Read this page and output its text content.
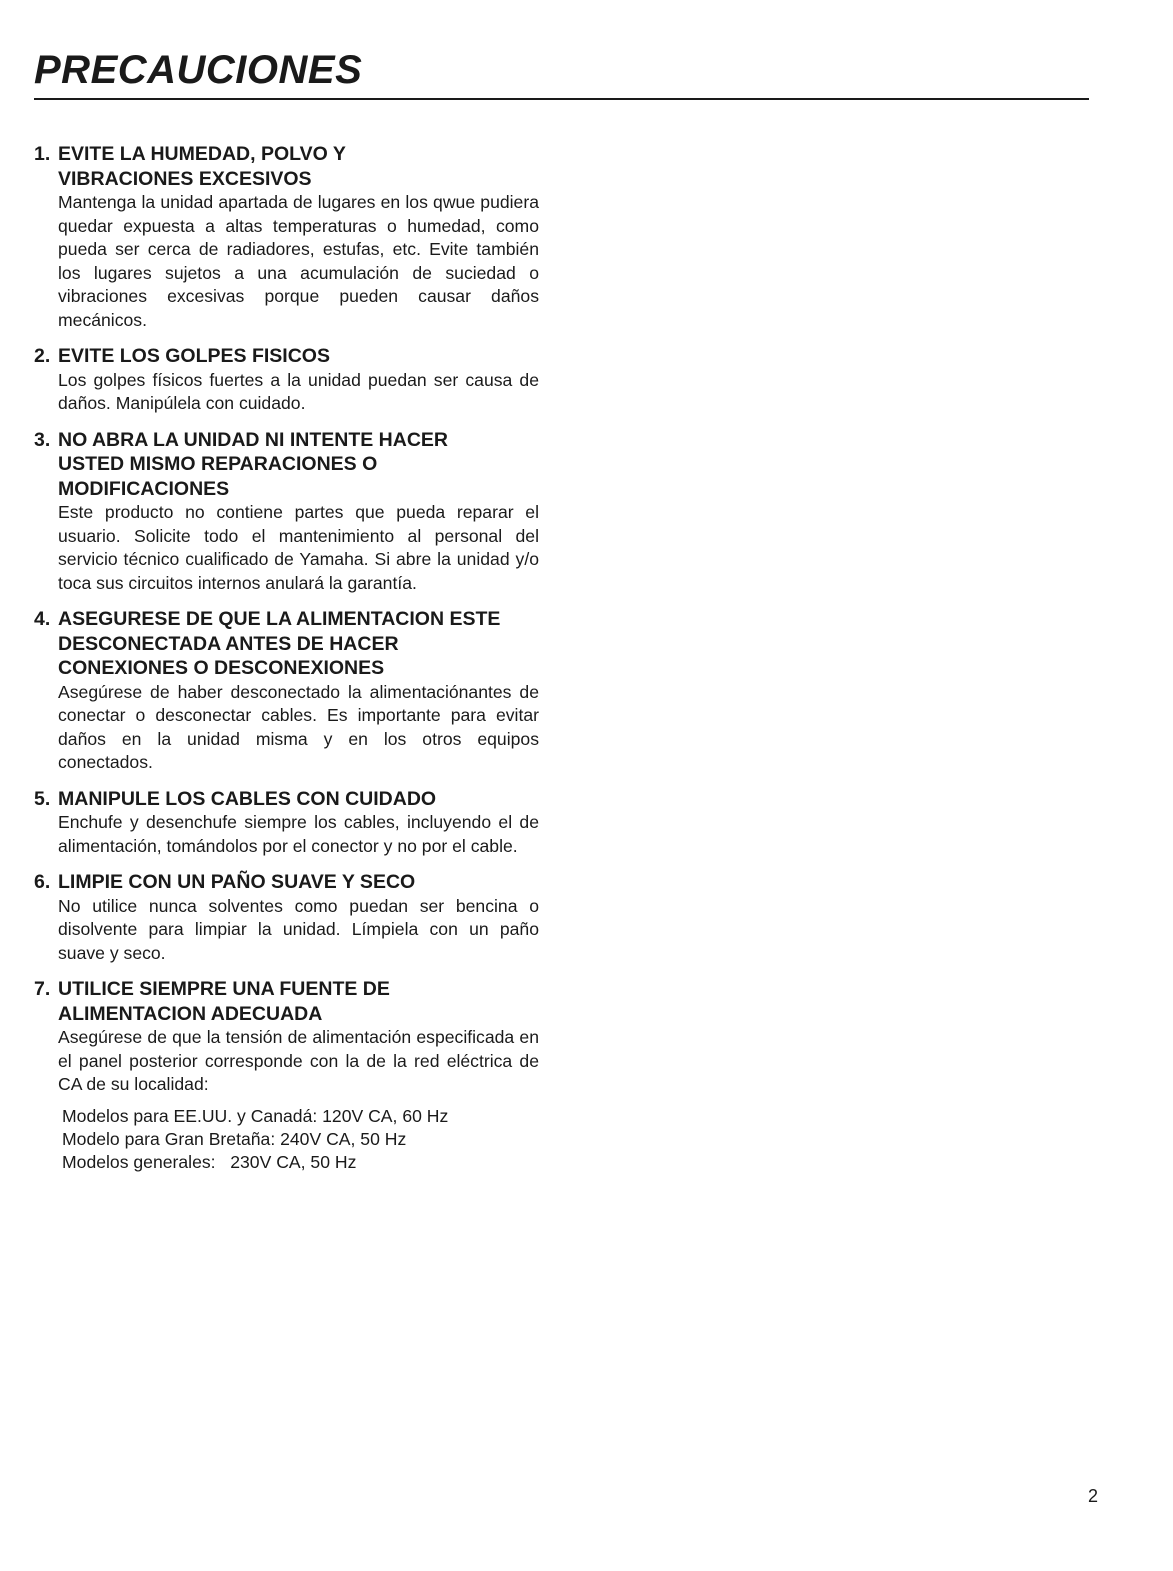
PRECAUCIONES
1. EVITE LA HUMEDAD, POLVO Y VIBRACIONES EXCESIVOS
Mantenga la unidad apartada de lugares en los qwue pudiera quedar expuesta a altas temperaturas o humedad, como pueda ser cerca de radiadores, estufas, etc. Evite también los lugares sujetos a una acumulación de suciedad o vibraciones excesivas porque pueden causar daños mecánicos.
2. EVITE LOS GOLPES FISICOS
Los golpes físicos fuertes a la unidad puedan ser causa de daños. Manipúlela con cuidado.
3. NO ABRA LA UNIDAD NI INTENTE HACER USTED MISMO REPARACIONES O MODIFICACIONES
Este producto no contiene partes que pueda reparar el usuario. Solicite todo el mantenimiento al personal del servicio técnico cualificado de Yamaha. Si abre la unidad y/o toca sus circuitos internos anulará la garantía.
4. ASEGURESE DE QUE LA ALIMENTACION ESTE DESCONECTADA ANTES DE HACER CONEXIONES O DESCONEXIONES
Asegúrese de haber desconectado la alimentaciónantes de conectar o desconectar cables. Es importante para evitar daños en la unidad misma y en los otros equipos conectados.
5. MANIPULE LOS CABLES CON CUIDADO
Enchufe y desenchufe siempre los cables, incluyendo el de alimentación, tomándolos por el conector y no por el cable.
6. LIMPIE CON UN PAÑO SUAVE Y SECO
No utilice nunca solventes como puedan ser bencina o disolvente para limpiar la unidad. Límpiela con un paño suave y seco.
7. UTILICE SIEMPRE UNA FUENTE DE ALIMENTACION ADECUADA
Asegúrese de que la tensión de alimentación especificada en el panel posterior corresponde con la de la red eléctrica de CA de su localidad:
Modelos para EE.UU. y Canadá: 120V CA, 60 Hz
Modelo para Gran Bretaña: 240V CA, 50 Hz
Modelos generales:   230V CA, 50 Hz
2
